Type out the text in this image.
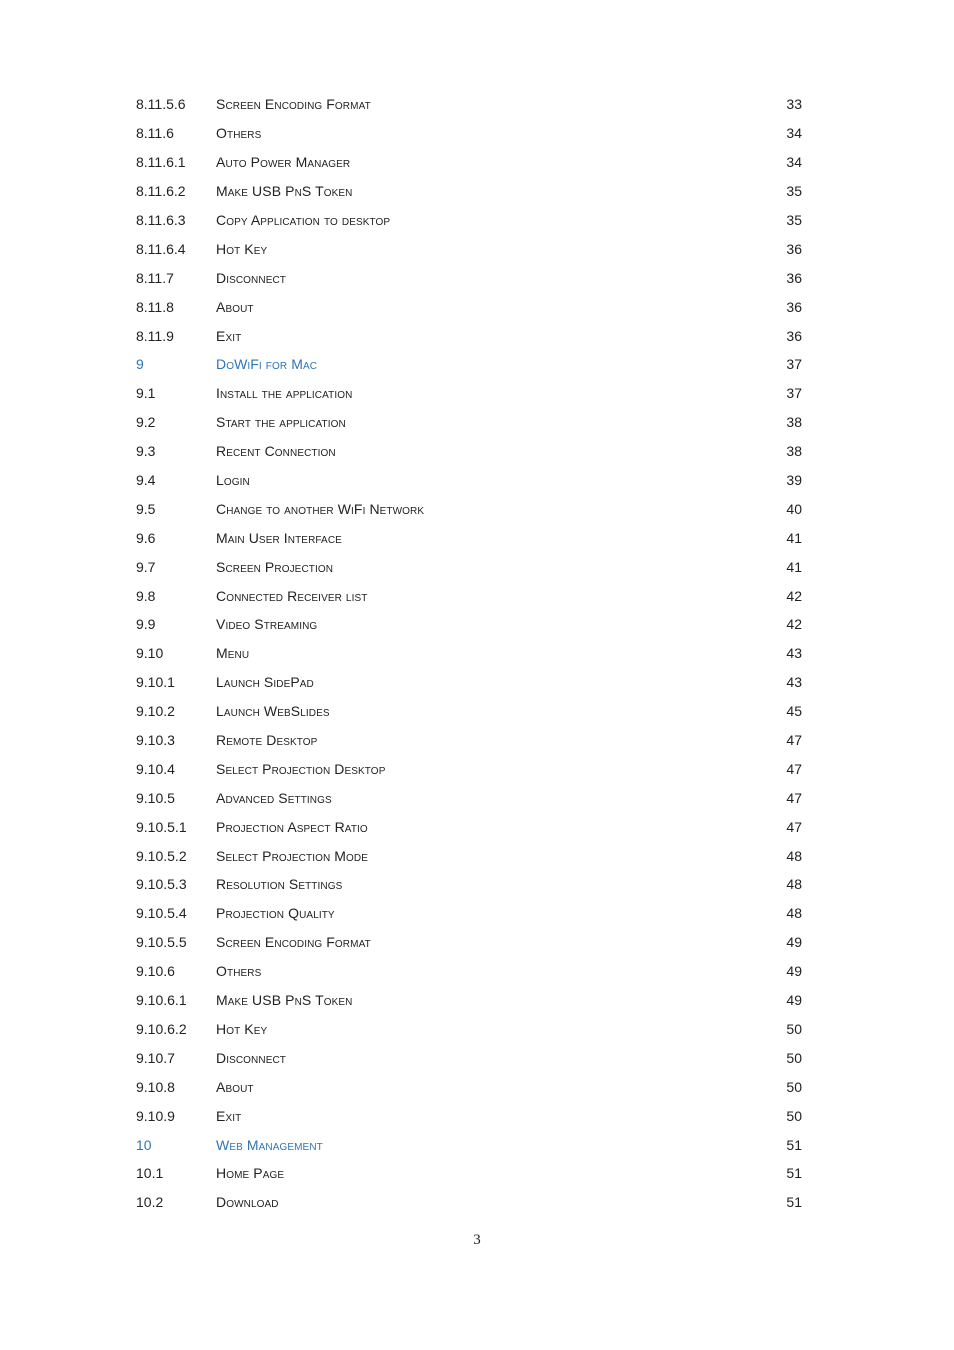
8.11.5.6	Screen Encoding Format	33
8.11.6	Others	34
8.11.6.1	Auto Power Manager	34
8.11.6.2	Make USB PnS Token	35
8.11.6.3	Copy Application to desktop	35
8.11.6.4	Hot Key	36
8.11.7	Disconnect	36
8.11.8	About	36
8.11.9	Exit	36
9	DoWiFi for Mac	37
9.1	Install the application	37
9.2	Start the application	38
9.3	Recent Connection	38
9.4	Login	39
9.5	Change to another WiFi Network	40
9.6	Main User Interface	41
9.7	Screen Projection	41
9.8	Connected Receiver list	42
9.9	Video Streaming	42
9.10	Menu	43
9.10.1	Launch SidePad	43
9.10.2	Launch WebSlides	45
9.10.3	Remote Desktop	47
9.10.4	Select Projection Desktop	47
9.10.5	Advanced Settings	47
9.10.5.1	Projection Aspect Ratio	47
9.10.5.2	Select Projection Mode	48
9.10.5.3	Resolution Settings	48
9.10.5.4	Projection Quality	48
9.10.5.5	Screen Encoding Format	49
9.10.6	Others	49
9.10.6.1	Make USB PnS Token	49
9.10.6.2	Hot Key	50
9.10.7	Disconnect	50
9.10.8	About	50
9.10.9	Exit	50
10	Web Management	51
10.1	Home Page	51
10.2	Download	51
3
